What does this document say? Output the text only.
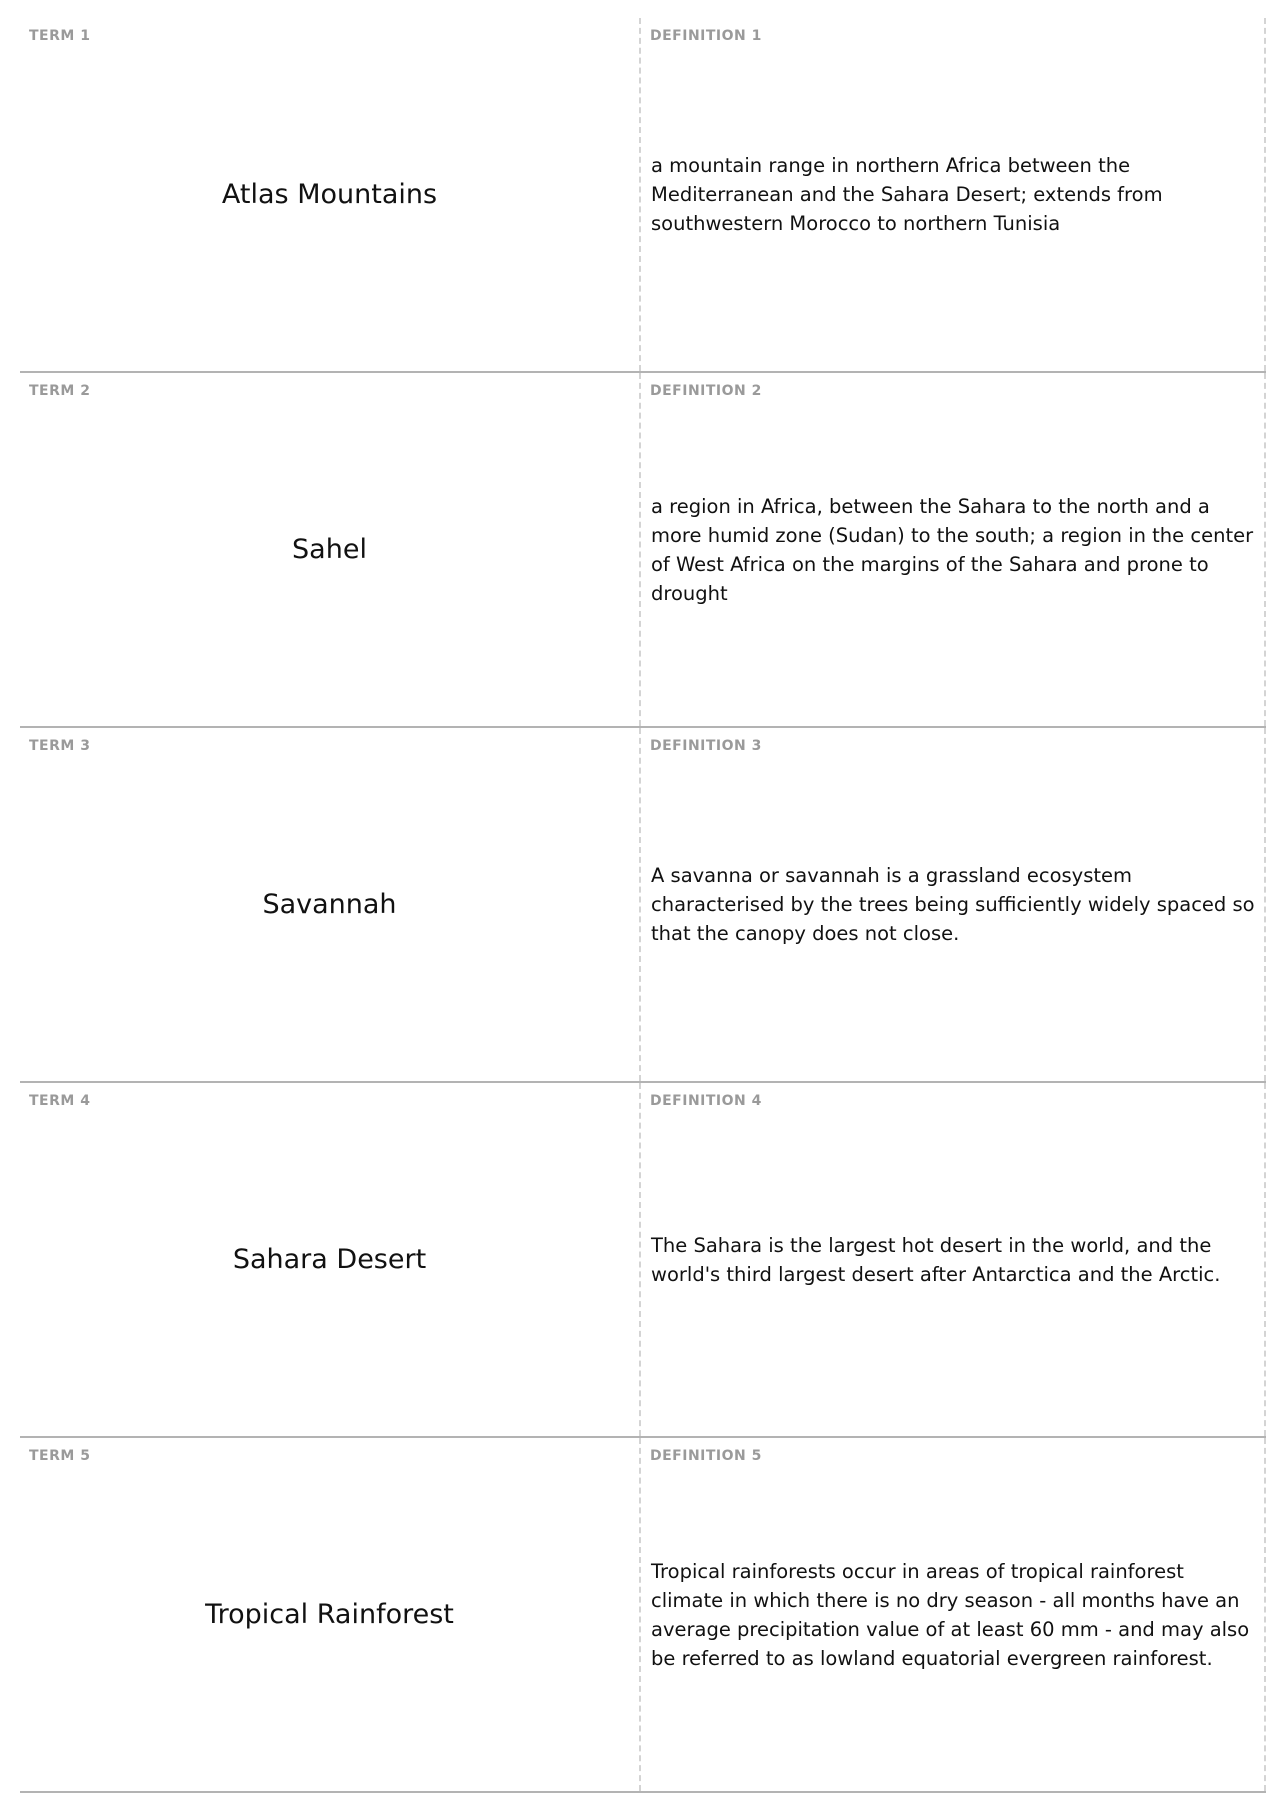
TERM 1
Atlas Mountains
DEFINITION 1
a mountain range in northern Africa between the Mediterranean and the Sahara Desert; extends from southwestern Morocco to northern Tunisia
TERM 2
Sahel
DEFINITION 2
a region in Africa, between the Sahara to the north and a more humid zone (Sudan) to the south; a region in the center of West Africa on the margins of the Sahara and prone to drought
TERM 3
Savannah
DEFINITION 3
A savanna or savannah is a grassland ecosystem characterised by the trees being sufficiently widely spaced so that the canopy does not close.
TERM 4
Sahara Desert
DEFINITION 4
The Sahara is the largest hot desert in the world, and the world's third largest desert after Antarctica and the Arctic.
TERM 5
Tropical Rainforest
DEFINITION 5
Tropical rainforests occur in areas of tropical rainforest climate in which there is no dry season - all months have an average precipitation value of at least 60 mm - and may also be referred to as lowland equatorial evergreen rainforest.
